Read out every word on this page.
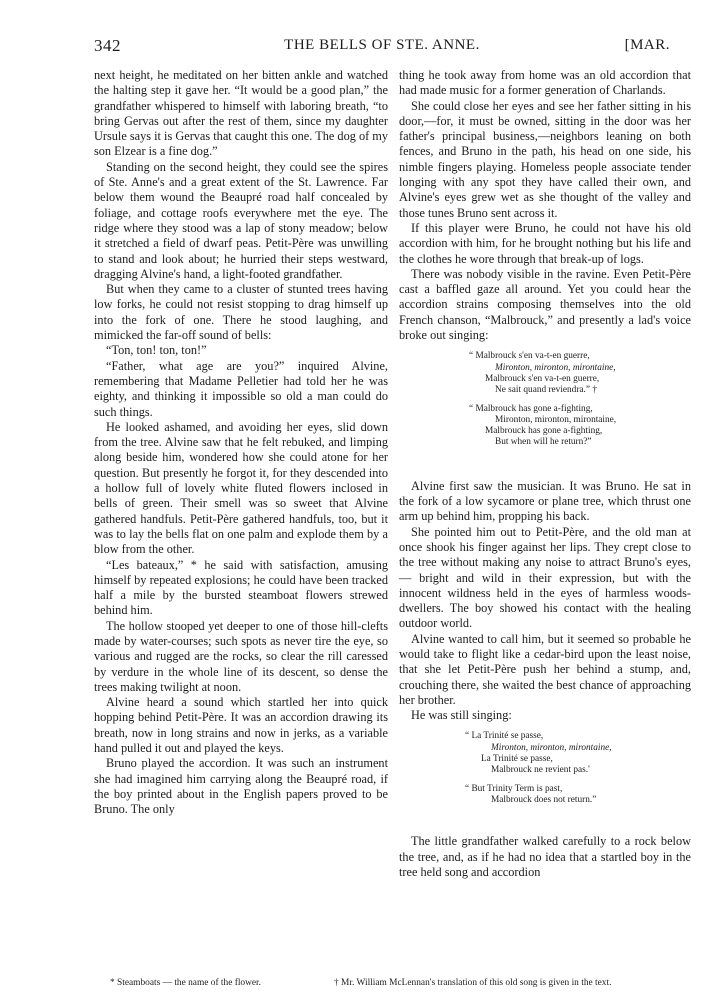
342	THE BELLS OF STE. ANNE.	[MAR.

next height, he meditated on her bitten ankle and watched the halting step it gave her. “It would be a good plan,” the grandfather whispered to himself with laboring breath, “to bring Gervas out after the rest of them, since my daughter Ursule says it is Gervas that caught this one. The dog of my son Elzear is a fine dog.”

Standing on the second height, they could see the spires of Ste. Anne's and a great extent of the St. Lawrence. Far below them wound the Beaupré road half concealed by foliage, and cottage roofs everywhere met the eye. The ridge where they stood was a lap of stony meadow; below it stretched a field of dwarf peas. Petit-Père was unwilling to stand and look about; he hurried their steps westward, dragging Alvine's hand, a light-footed grandfather.

But when they came to a cluster of stunted trees having low forks, he could not resist stopping to drag himself up into the fork of one. There he stood laughing, and mimicked the far-off sound of bells:

“Ton, ton! ton, ton!”

“Father, what age are you?” inquired Alvine, remembering that Madame Pelletier had told her he was eighty, and thinking it impossible so old a man could do such things.

He looked ashamed, and avoiding her eyes, slid down from the tree. Alvine saw that he felt rebuked, and limping along beside him, wondered how she could atone for her question. But presently he forgot it, for they descended into a hollow full of lovely white fluted flowers inclosed in bells of green. Their smell was so sweet that Alvine gathered handfuls. Petit-Père gathered handfuls, too, but it was to lay the bells flat on one palm and explode them by a blow from the other.

“Les bateaux,” * he said with satisfaction, amusing himself by repeated explosions; he could have been tracked half a mile by the bursted steamboat flowers strewed behind him.

The hollow stooped yet deeper to one of those hill-clefts made by water-courses; such spots as never tire the eye, so various and rugged are the rocks, so clear the rill caressed by verdure in the whole line of its descent, so dense the trees making twilight at noon.

Alvine heard a sound which startled her into quick hopping behind Petit-Père. It was an accordion drawing its breath, now in long strains and now in jerks, as a variable hand pulled it out and played the keys.

Bruno played the accordion. It was such an instrument she had imagined him carrying along the Beaupré road, if the boy printed about in the English papers proved to be Bruno. The only

thing he took away from home was an old accordion that had made music for a former generation of Charlands.

She could close her eyes and see her father sitting in his door,—for, it must be owned, sitting in the door was her father's principal business,—neighbors leaning on both fences, and Bruno in the path, his head on one side, his nimble fingers playing. Homeless people associate tender longing with any spot they have called their own, and Alvine's eyes grew wet as she thought of the valley and those tunes Bruno sent across it.

If this player were Bruno, he could not have his old accordion with him, for he brought nothing but his life and the clothes he wore through that break-up of logs.

There was nobody visible in the ravine. Even Petit-Père cast a baffled gaze all around. Yet you could hear the accordion strains composing themselves into the old French chanson, “Malbrouck,” and presently a lad's voice broke out singing:

“ Malbrouck s'en va-t-en guerre,
Mironton, mironton, mirontaine,
Malbrouck s'en va-t-en guerre,
Ne sait quand reviendra.” †
“ Malbrouck has gone a-fighting,
Mironton, mironton, mirontaine,
Malbrouck has gone a-fighting,
But when will he return?”

Alvine first saw the musician. It was Bruno. He sat in the fork of a low sycamore or plane tree, which thrust one arm up behind him, propping his back.

She pointed him out to Petit-Père, and the old man at once shook his finger against her lips. They crept close to the tree without making any noise to attract Bruno's eyes,— bright and wild in their expression, but with the innocent wildness held in the eyes of harmless woods-dwellers. The boy showed his contact with the healing outdoor world.

Alvine wanted to call him, but it seemed so probable he would take to flight like a cedar-bird upon the least noise, that she let Petit-Père push her behind a stump, and, crouching there, she waited the best chance of approaching her brother.

He was still singing:

“ La Trinité se passe,
Mironton, mironton, mirontaine,
La Trinité se passe,
Malbrouck ne revient pas.'
“ But Trinity Term is past,
Malbrouck does not return.”

The little grandfather walked carefully to a rock below the tree, and, as if he had no idea that a startled boy in the tree held song and accordion

* Steamboats — the name of the flower.	† Mr. William McLennan's translation of this old song is given in the text.
